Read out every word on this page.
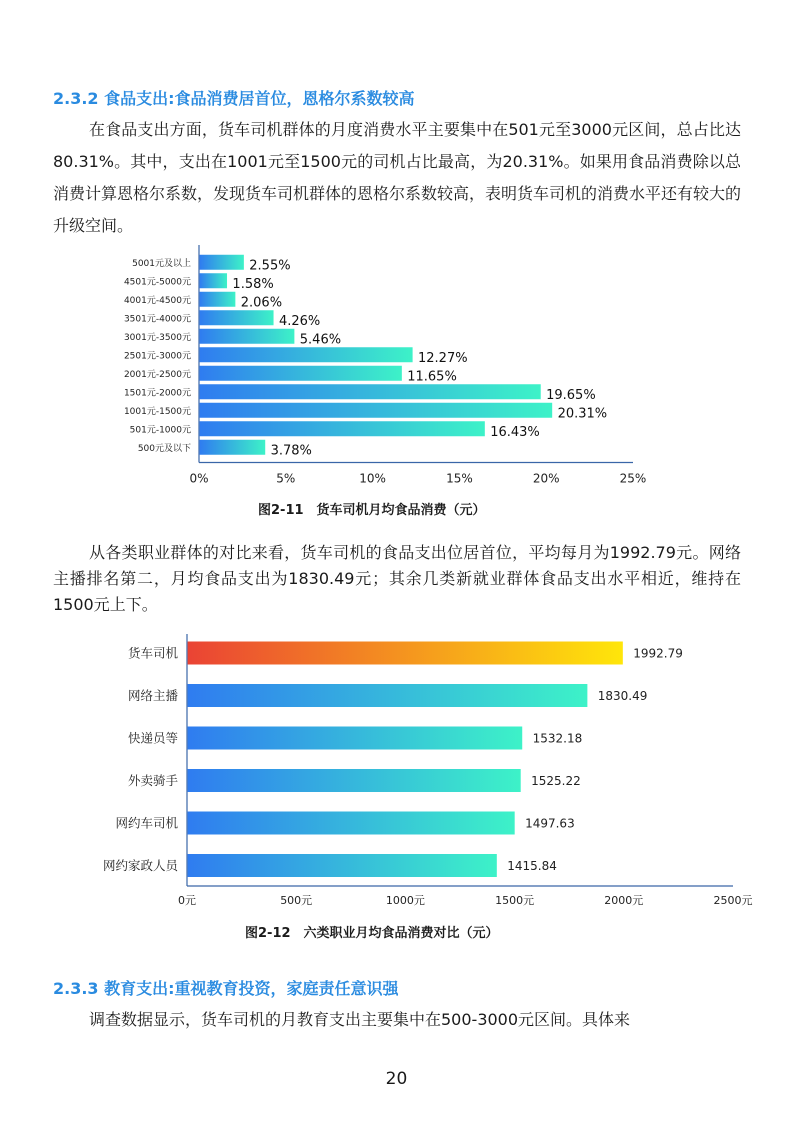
2.3.2 食品支出:食品消费居首位，恩格尔系数较高
在食品支出方面，货车司机群体的月度消费水平主要集中在501元至3000元区间，总占比达80.31%。其中，支出在1001元至1500元的司机占比最高，为20.31%。如果用食品消费除以总消费计算恩格尔系数，发现货车司机群体的恩格尔系数较高，表明货车司机的消费水平还有较大的升级空间。
5001元及以上	2.55%
4501元-5000元	1.58%
4001元-4500元	2.06%
3501元-4000元	4.26%
3001元-3500元	5.46%
2501元-3000元	12.27%
2001元-2500元	11.65%
1501元-2000元	19.65%
1001元-1500元	20.31%
501元-1000元	16.43%
500元及以下	3.78%
0%	5%	10%	15%	20%	25%
图2-11　货车司机月均食品消费（元）
从各类职业群体的对比来看，货车司机的食品支出位居首位，平均每月为1992.79元。网络主播排名第二，月均食品支出为1830.49元；其余几类新就业群体食品支出水平相近，维持在1500元上下。
货车司机	1992.79
网络主播	1830.49
快递员等	1532.18
外卖骑手	1525.22
网约车司机	1497.63
网约家政人员	1415.84
0元	500元	1000元	1500元	2000元	2500元
图2-12　六类职业月均食品消费对比（元）
2.3.3 教育支出:重视教育投资，家庭责任意识强
调查数据显示，货车司机的月教育支出主要集中在500-3000元区间。具体来
20
